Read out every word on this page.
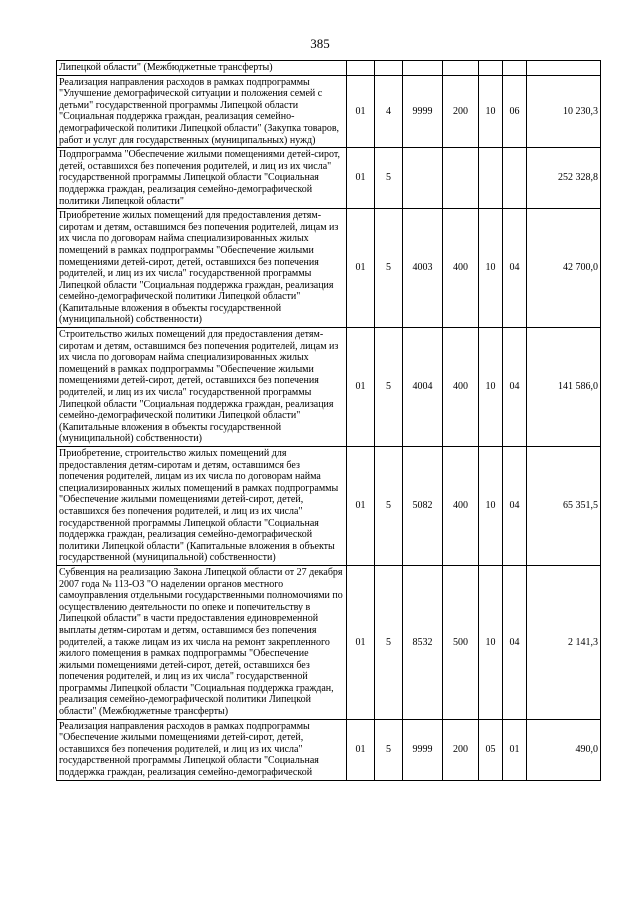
385
Липецкой области" (Межбюджетные трансферты)							
Реализация направления расходов в рамках подпрограммы "Улучшение демографической ситуации и положения семей с детьми" государственной программы Липецкой области "Социальная поддержка граждан, реализация семейно-демографической политики Липецкой области" (Закупка товаров, работ и услуг для государственных (муниципальных) нужд)	01	4	9999	200	10	06	10 230,3
Подпрограмма "Обеспечение жилыми помещениями детей-сирот, детей, оставшихся без попечения родителей, и лиц из их числа" государственной программы Липецкой области "Социальная поддержка граждан, реализация семейно-демографической политики Липецкой области"	01	5					252 328,8
Приобретение жилых помещений для предоставления детям-сиротам и детям, оставшимся без попечения родителей, лицам из их числа по договорам найма специализированных жилых помещений в рамках подпрограммы "Обеспечение жилыми помещениями детей-сирот, детей, оставшихся без попечения родителей, и лиц из их числа" государственной программы Липецкой области "Социальная поддержка граждан, реализация семейно-демографической политики Липецкой области" (Капитальные вложения в объекты государственной (муниципальной) собственности)	01	5	4003	400	10	04	42 700,0
Строительство жилых помещений для предоставления детям-сиротам и детям, оставшимся без попечения родителей, лицам из их числа по договорам найма специализированных жилых помещений в рамках подпрограммы "Обеспечение жилыми помещениями детей-сирот, детей, оставшихся без попечения родителей, и лиц из их числа" государственной программы Липецкой области "Социальная поддержка граждан, реализация семейно-демографической политики Липецкой области" (Капитальные вложения в объекты государственной (муниципальной) собственности)	01	5	4004	400	10	04	141 586,0
Приобретение, строительство жилых помещений для предоставления детям-сиротам и детям, оставшимся без попечения родителей, лицам из их числа по договорам найма специализированных жилых помещений в рамках подпрограммы "Обеспечение жилыми помещениями детей-сирот, детей, оставшихся без попечения родителей, и лиц из их числа" государственной программы Липецкой области "Социальная поддержка граждан, реализация семейно-демографической политики Липецкой области" (Капитальные вложения в объекты государственной (муниципальной) собственности)	01	5	5082	400	10	04	65 351,5
Субвенция на реализацию Закона Липецкой области от 27 декабря 2007 года № 113-ОЗ "О наделении органов местного самоуправления отдельными государственными полномочиями по осуществлению деятельности по опеке и попечительству в Липецкой области" в части предоставления единовременной выплаты детям-сиротам и детям, оставшимся без попечения родителей, а также лицам из их числа на ремонт закрепленного жилого помещения в рамках подпрограммы "Обеспечение жилыми помещениями детей-сирот, детей, оставшихся без попечения родителей, и лиц из их числа" государственной программы Липецкой области "Социальная поддержка граждан, реализация семейно-демографической политики Липецкой области" (Межбюджетные трансферты)	01	5	8532	500	10	04	2 141,3
Реализация направления расходов в рамках подпрограммы "Обеспечение жилыми помещениями детей-сирот, детей, оставшихся без попечения родителей, и лиц из их числа" государственной программы Липецкой области "Социальная поддержка граждан, реализация семейно-демографической	01	5	9999	200	05	01	490,0
